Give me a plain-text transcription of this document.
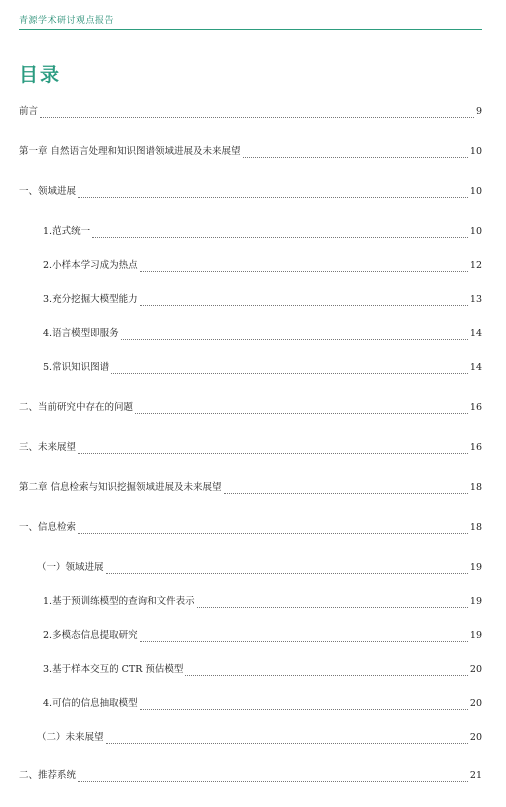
青源学术研讨观点报告
目录
前言	9
第一章 自然语言处理和知识图谱领域进展及未来展望	10
一、领域进展	10
1.范式统一	10
2.小样本学习成为热点	12
3.充分挖掘大模型能力	13
4.语言模型即服务	14
5.常识知识图谱	14
二、当前研究中存在的问题	16
三、未来展望	16
第二章 信息检索与知识挖掘领域进展及未来展望	18
一、信息检索	18
（一）领域进展	19
1.基于预训练模型的查询和文件表示	19
2.多模态信息提取研究	19
3.基于样本交互的 CTR 预估模型	20
4.可信的信息抽取模型	20
（二）未来展望	20
二、推荐系统	21
